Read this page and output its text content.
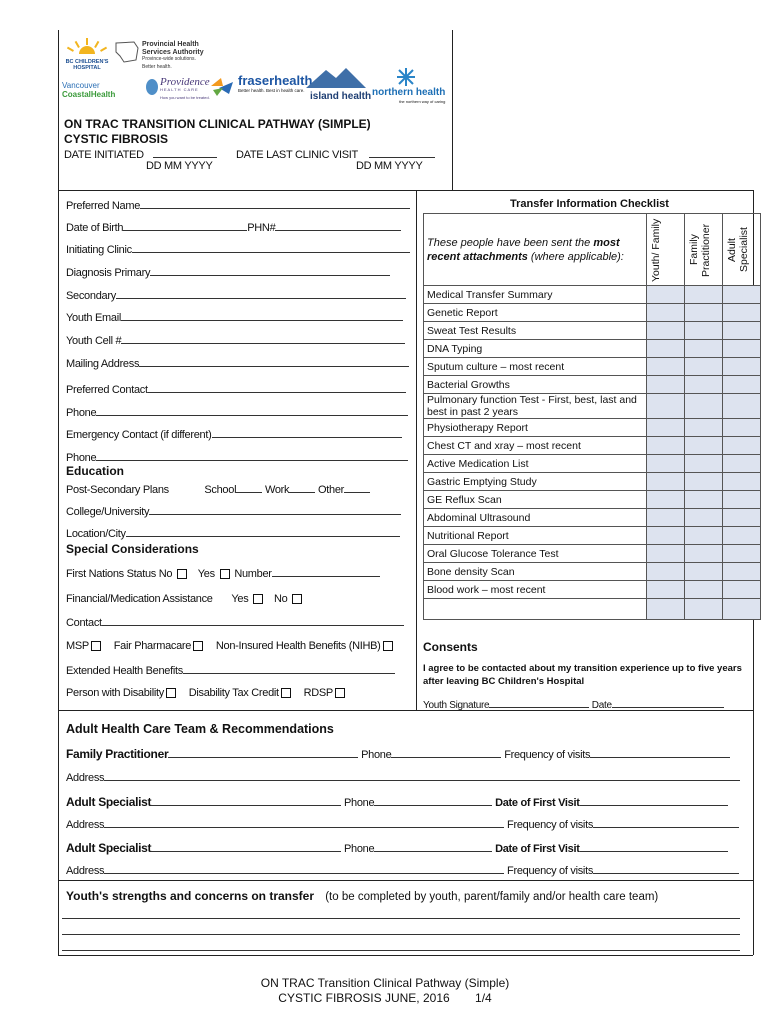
BC CHILDREN'S HOSPITAL
Provincial Health
Services Authority
Province-wide solutions.
Better health.
Vancouver
CoastalHealth
Providence
HEALTH CARE
How you want to be treated.
fraserhealth
Better health. Best in health care.
island health northern health
the northern way of caring
ON TRAC TRANSITION CLINICAL PATHWAY (SIMPLE)
CYSTIC FIBROSIS
DATE INITIATED
DD MM YYYY
DATE LAST CLINIC VISIT
DD MM YYYY
Preferred Name
Date of Birth	PHN#
Initiating Clinic
Diagnosis Primary
Secondary
Youth Email
Youth Cell #
Mailing Address
Preferred Contact
Phone
Emergency Contact (if different)
Phone
Education
Post-Secondary Plans	School	Work	Other
College/University
Location/City
Special Considerations
First Nations Status No Yes Number
Financial/Medication Assistance Yes No
Contact
MSP Fair Pharmacare Non-Insured Health Benefits (NIHB)
Extended Health Benefits
Person with Disability Disability Tax Credit RDSP
Transfer Information Checklist
These people have been sent the most recent attachments (where applicable):	Youth/ Family	Family Practitioner	Adult Specialist

Medical Transfer Summary			
Genetic Report			
Sweat Test Results			
DNA Typing			
Sputum culture – most recent			
Bacterial Growths			
Pulmonary function Test - First, best, last and best in past 2 years			
Physiotherapy Report			
Chest CT and xray – most recent			
Active Medication List			
Gastric Emptying Study			
GE Reflux Scan			
Abdominal Ultrasound			
Nutritional Report			
Oral Glucose Tolerance Test			
Bone density Scan			
Blood work – most recent			

Consents
I agree to be contacted about my transition experience up to five years after leaving BC Children's Hospital
Youth Signature	Date
Adult Health Care Team & Recommendations
Family Practitioner	Phone	Frequency of visits
Address
Adult Specialist	Phone	Date of First Visit
Address	Frequency of visits
Adult Specialist	Phone	Date of First Visit
Address	Frequency of visits
Youth's strengths and concerns on transfer (to be completed by youth, parent/family and/or health care team)
ON TRAC Transition Clinical Pathway (Simple)
CYSTIC FIBROSIS JUNE, 2016 1/4
